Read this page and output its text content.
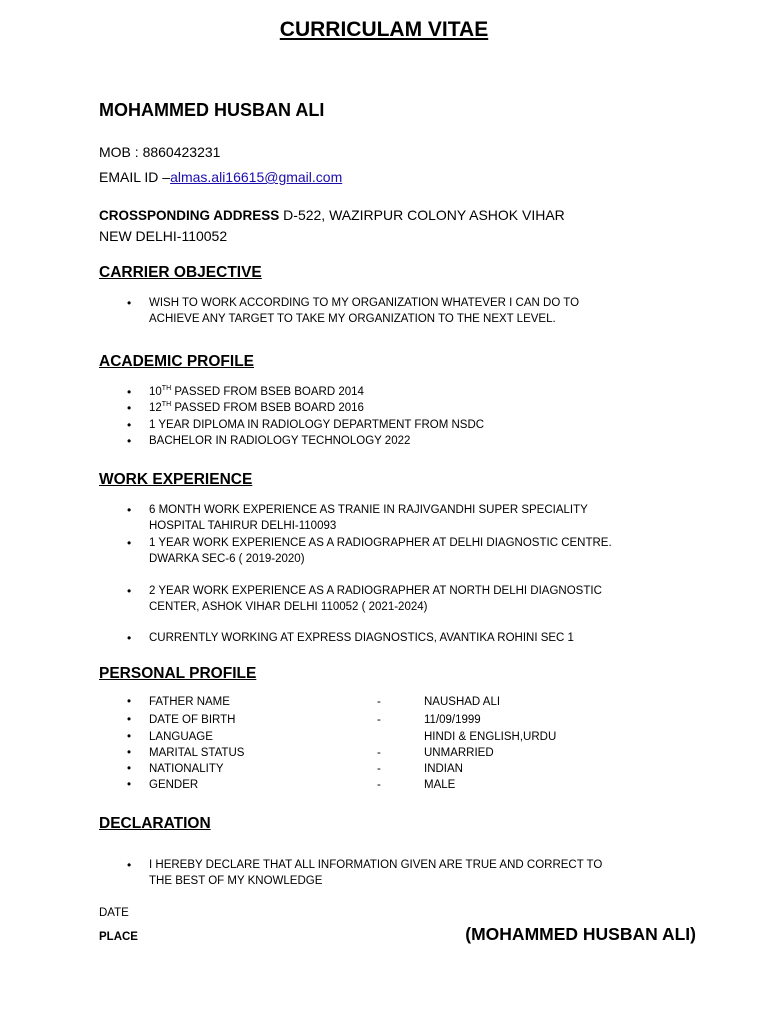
CURRICULAM VITAE
MOHAMMED HUSBAN ALI
MOB : 8860423231
EMAIL ID –almas.ali16615@gmail.com
CROSSPONDING ADDRESS D-522, WAZIRPUR COLONY ASHOK VIHAR
NEW DELHI-110052
CARRIER OBJECTIVE
• WISH TO WORK ACCORDING TO MY ORGANIZATION WHATEVER I CAN DO TO ACHIEVE ANY TARGET TO TAKE MY ORGANIZATION TO THE NEXT LEVEL.
ACADEMIC PROFILE
• 10TH PASSED FROM BSEB BOARD 2014
• 12TH PASSED FROM BSEB BOARD 2016
• 1 YEAR DIPLOMA IN RADIOLOGY DEPARTMENT FROM NSDC
• BACHELOR IN RADIOLOGY TECHNOLOGY 2022
WORK EXPERIENCE
• 6 MONTH WORK EXPERIENCE AS TRANIE IN RAJIVGANDHI SUPER SPECIALITY HOSPITAL TAHIRUR DELHI-110093
• 1 YEAR WORK EXPERIENCE AS A RADIOGRAPHER AT DELHI DIAGNOSTIC CENTRE. DWARKA SEC-6 ( 2019-2020)
• 2 YEAR WORK EXPERIENCE AS A RADIOGRAPHER AT NORTH DELHI DIAGNOSTIC CENTER, ASHOK VIHAR DELHI 110052 ( 2021-2024)
• CURRENTLY WORKING AT EXPRESS DIAGNOSTICS, AVANTIKA ROHINI SEC 1
PERSONAL PROFILE
• FATHER NAME	-	NAUSHAD ALI
• DATE OF BIRTH	-	11/09/1999
• LANGUAGE	HINDI & ENGLISH,URDU
• MARITAL STATUS	-	UNMARRIED
• NATIONALITY	-	INDIAN
• GENDER	-	MALE
DECLARATION
• I HEREBY DECLARE THAT ALL INFORMATION GIVEN ARE TRUE AND CORRECT TO THE BEST OF MY KNOWLEDGE
DATE
PLACE	(MOHAMMED HUSBAN ALI)
